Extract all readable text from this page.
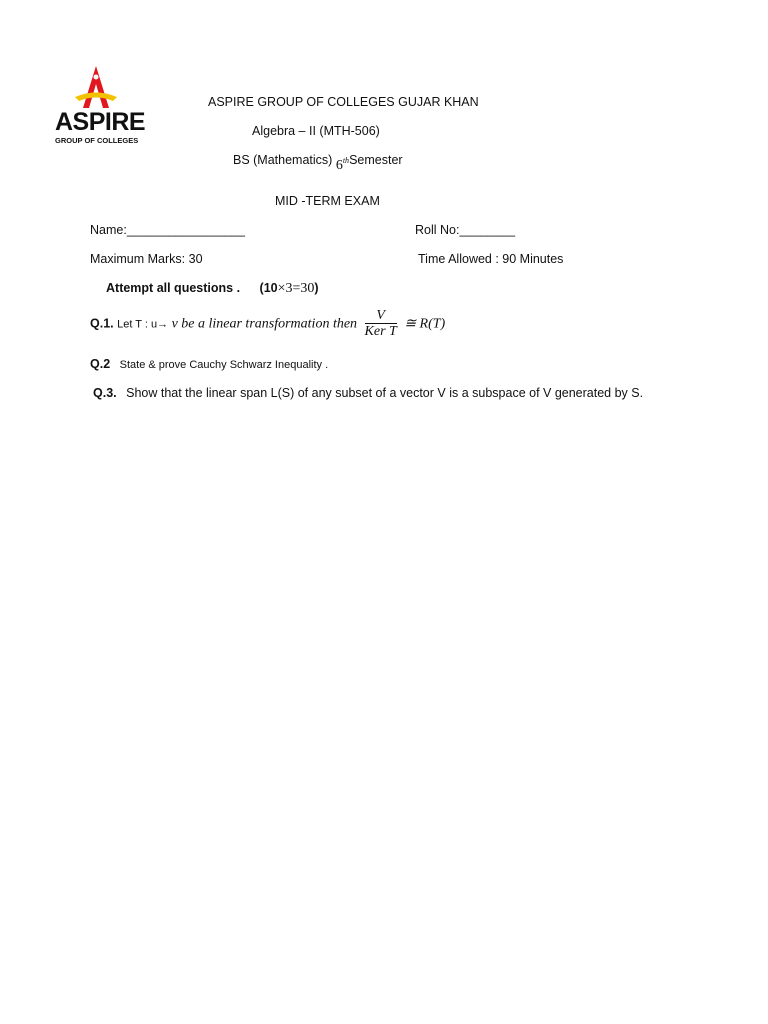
ASPIRE
GROUP OF COLLEGES
ASPIRE GROUP OF COLLEGES GUJAR KHAN
Algebra – II (MTH-506)
BS (Mathematics) 6thSemester
MID -TERM EXAM
Name:_________________	Roll No:________
Maximum Marks: 30	Time Allowed : 90 Minutes
Attempt all questions . (10×3=30)
Q.1. Let T : u→ v be a linear transformation then $\frac{V}{\text{Ker T}}$ ≅ R(T)
Q.2 State & prove Cauchy Schwarz Inequality .
Q.3. Show that the linear span L(S) of any subset of a vector V is a subspace of V generated by S.
